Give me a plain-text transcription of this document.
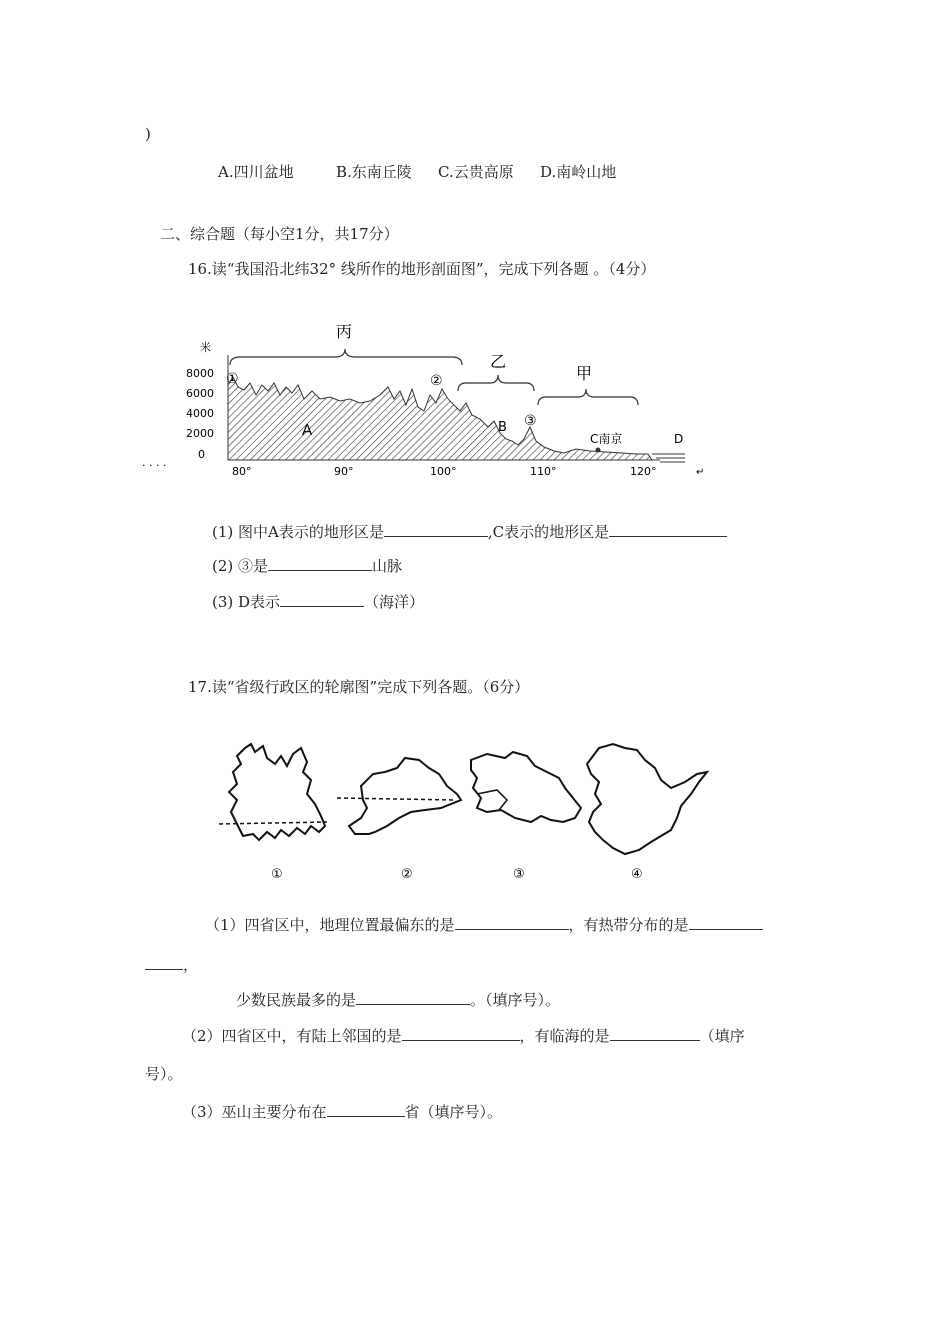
)
A.四川盆地	B.东南丘陵 C.云贵高原 D.南岭山地
二、综合题（每小空1分，共17分）
16.读“我国沿北纬32° 线所作的地形剖面图”，完成下列各题 。（4分）
米
8000
6000
4000
2000
0
丙
乙
甲
①	②
③
A	B
C南京	D
80°	90°	100°	110°	120°
· · · ·
↵
(1) 图中A表示的地形区是	,C表示的地形区是
(2) ③是	山脉
(3) D表示	（海洋）
17.读“省级行政区的轮廓图”完成下列各题。（6分）
①	②	③	④
（1）四省区中，地理位置最偏东的是	，有热带分布的是
，
少数民族最多的是	。（填序号）。
（2）四省区中，有陆上邻国的是	，有临海的是	（填序
号）。
（3）巫山主要分布在	省（填序号）。
